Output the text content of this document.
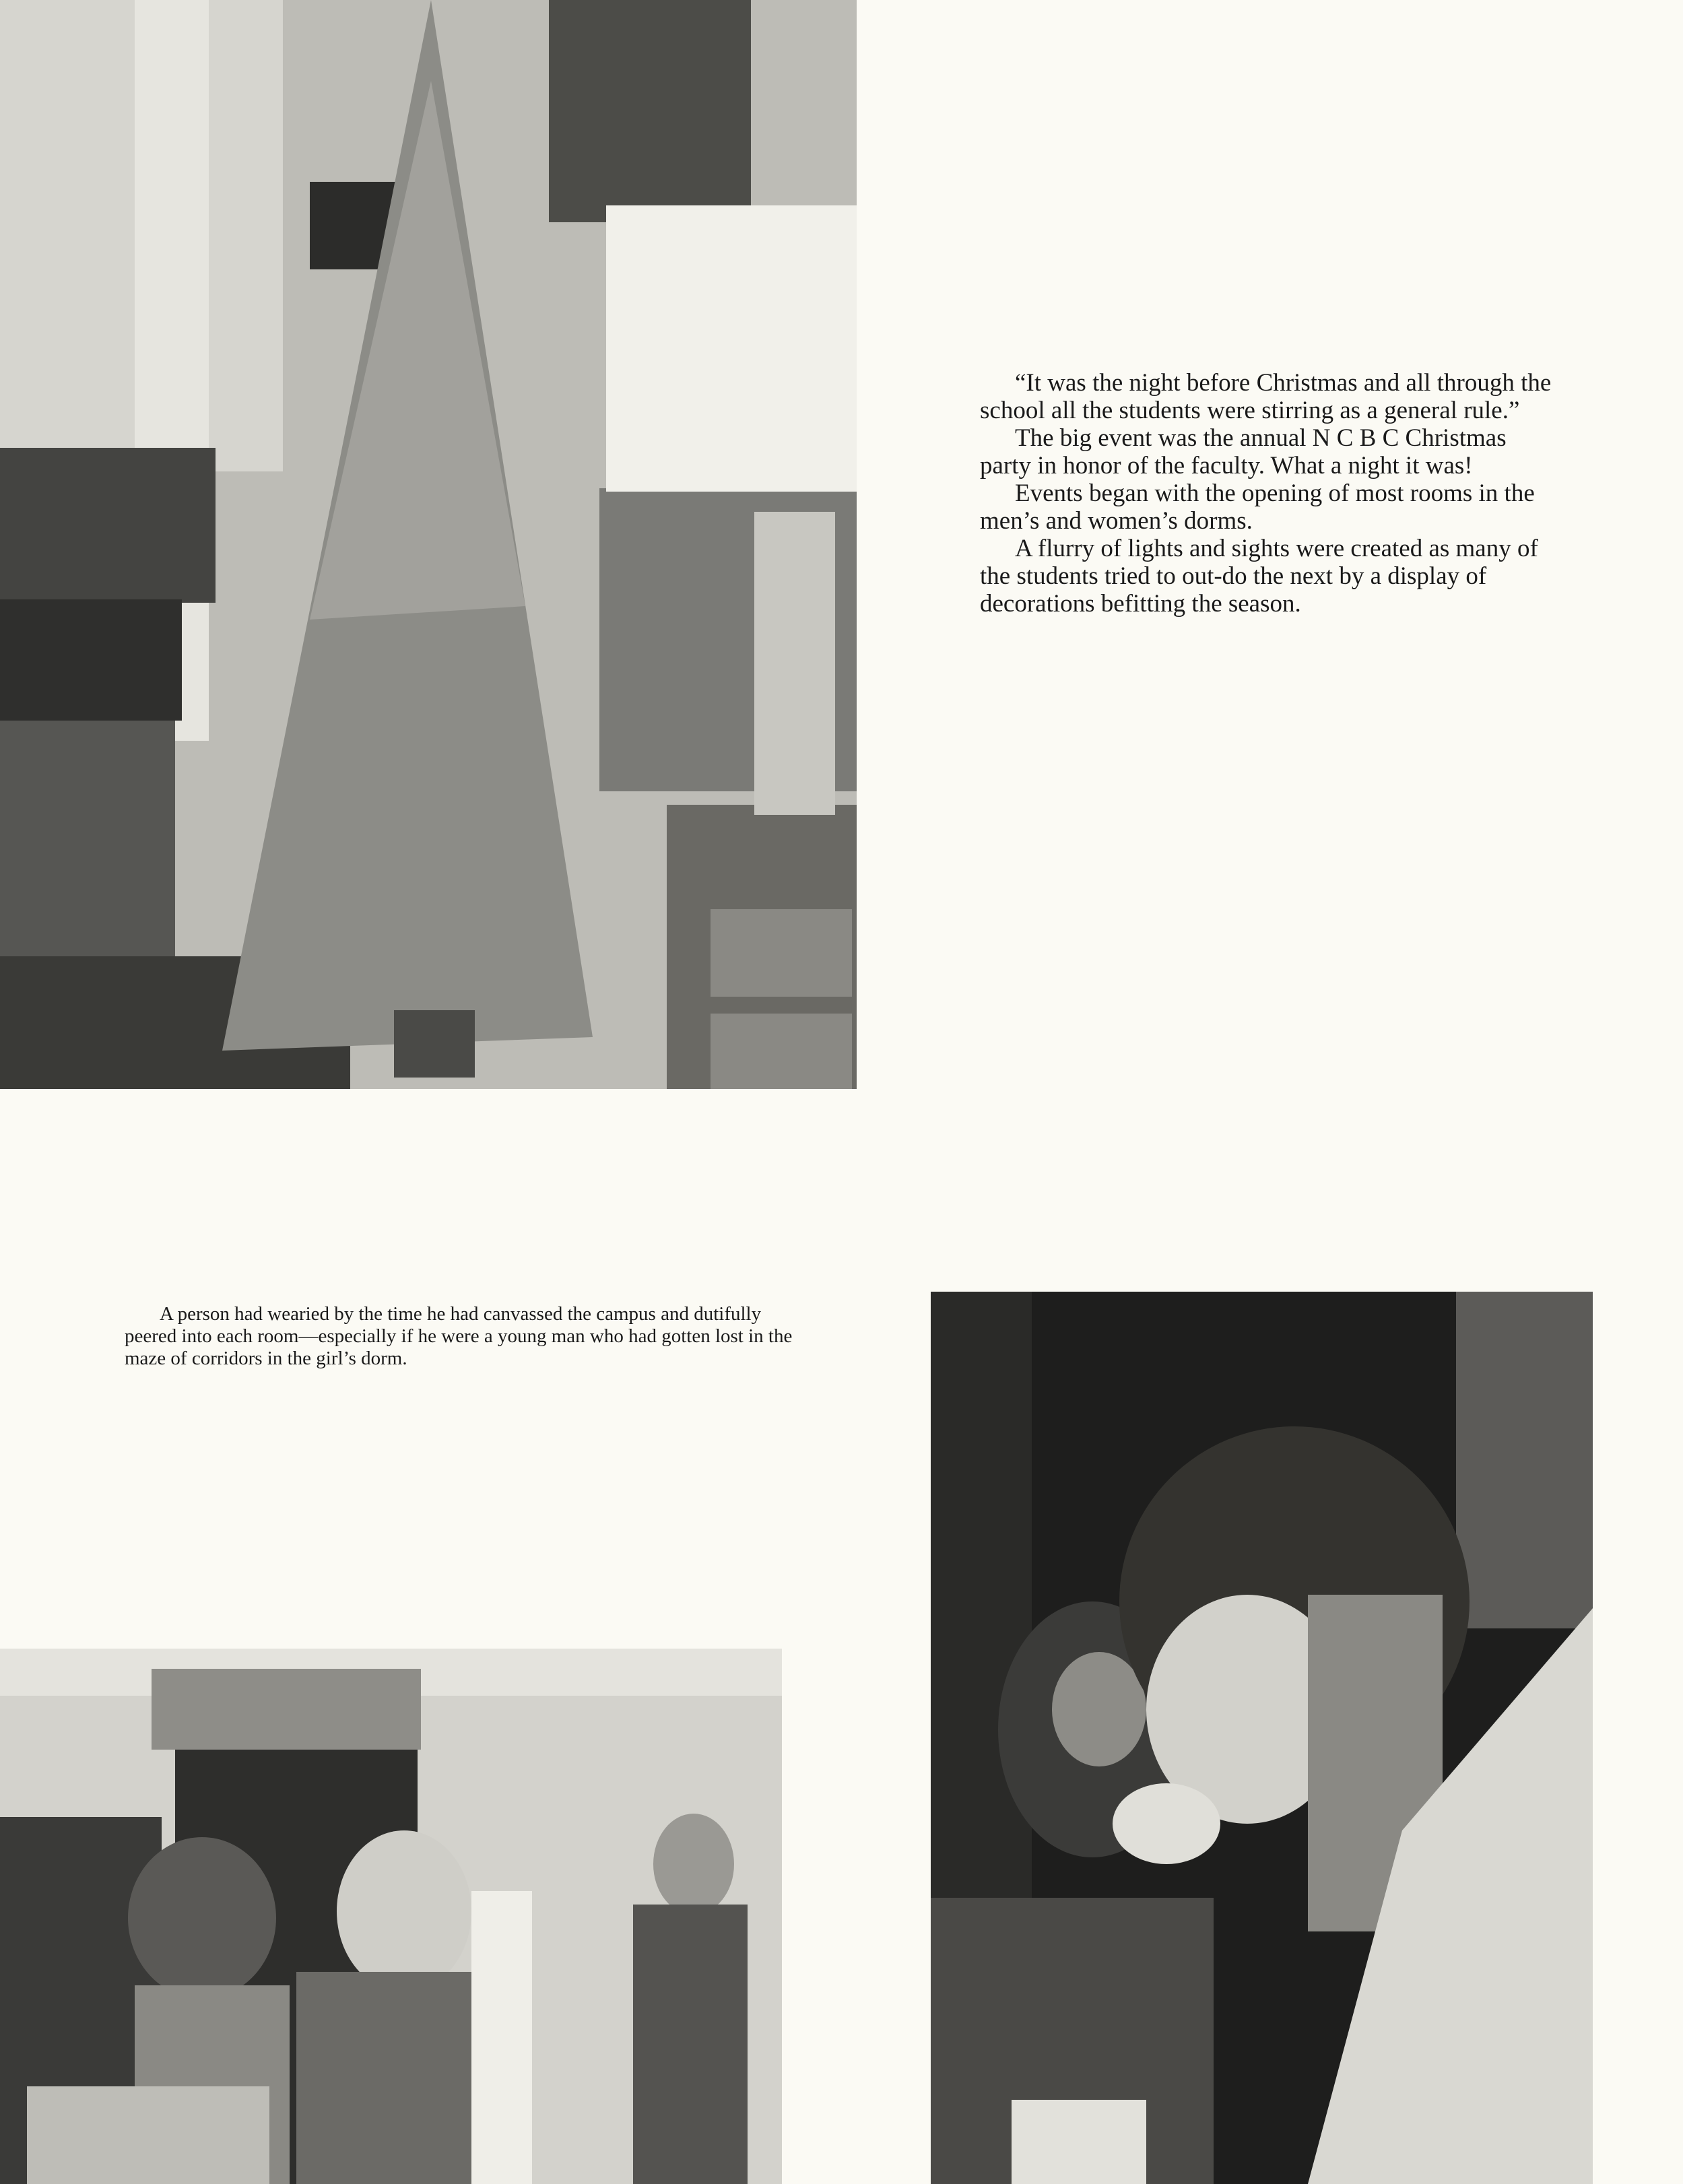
“It was the night before Christmas and all through the school all the students were stirring as a general rule.”

The big event was the annual N C B C Christmas party in honor of the faculty. What a night it was!

Events began with the opening of most rooms in the men’s and women’s dorms.

A flurry of lights and sights were created as many of the students tried to out-do the next by a display of decorations befitting the season.

A person had wearied by the time he had canvassed the campus and dutifully peered into each room—especially if he were a young man who had gotten lost in the maze of corridors in the girl’s dorm.
